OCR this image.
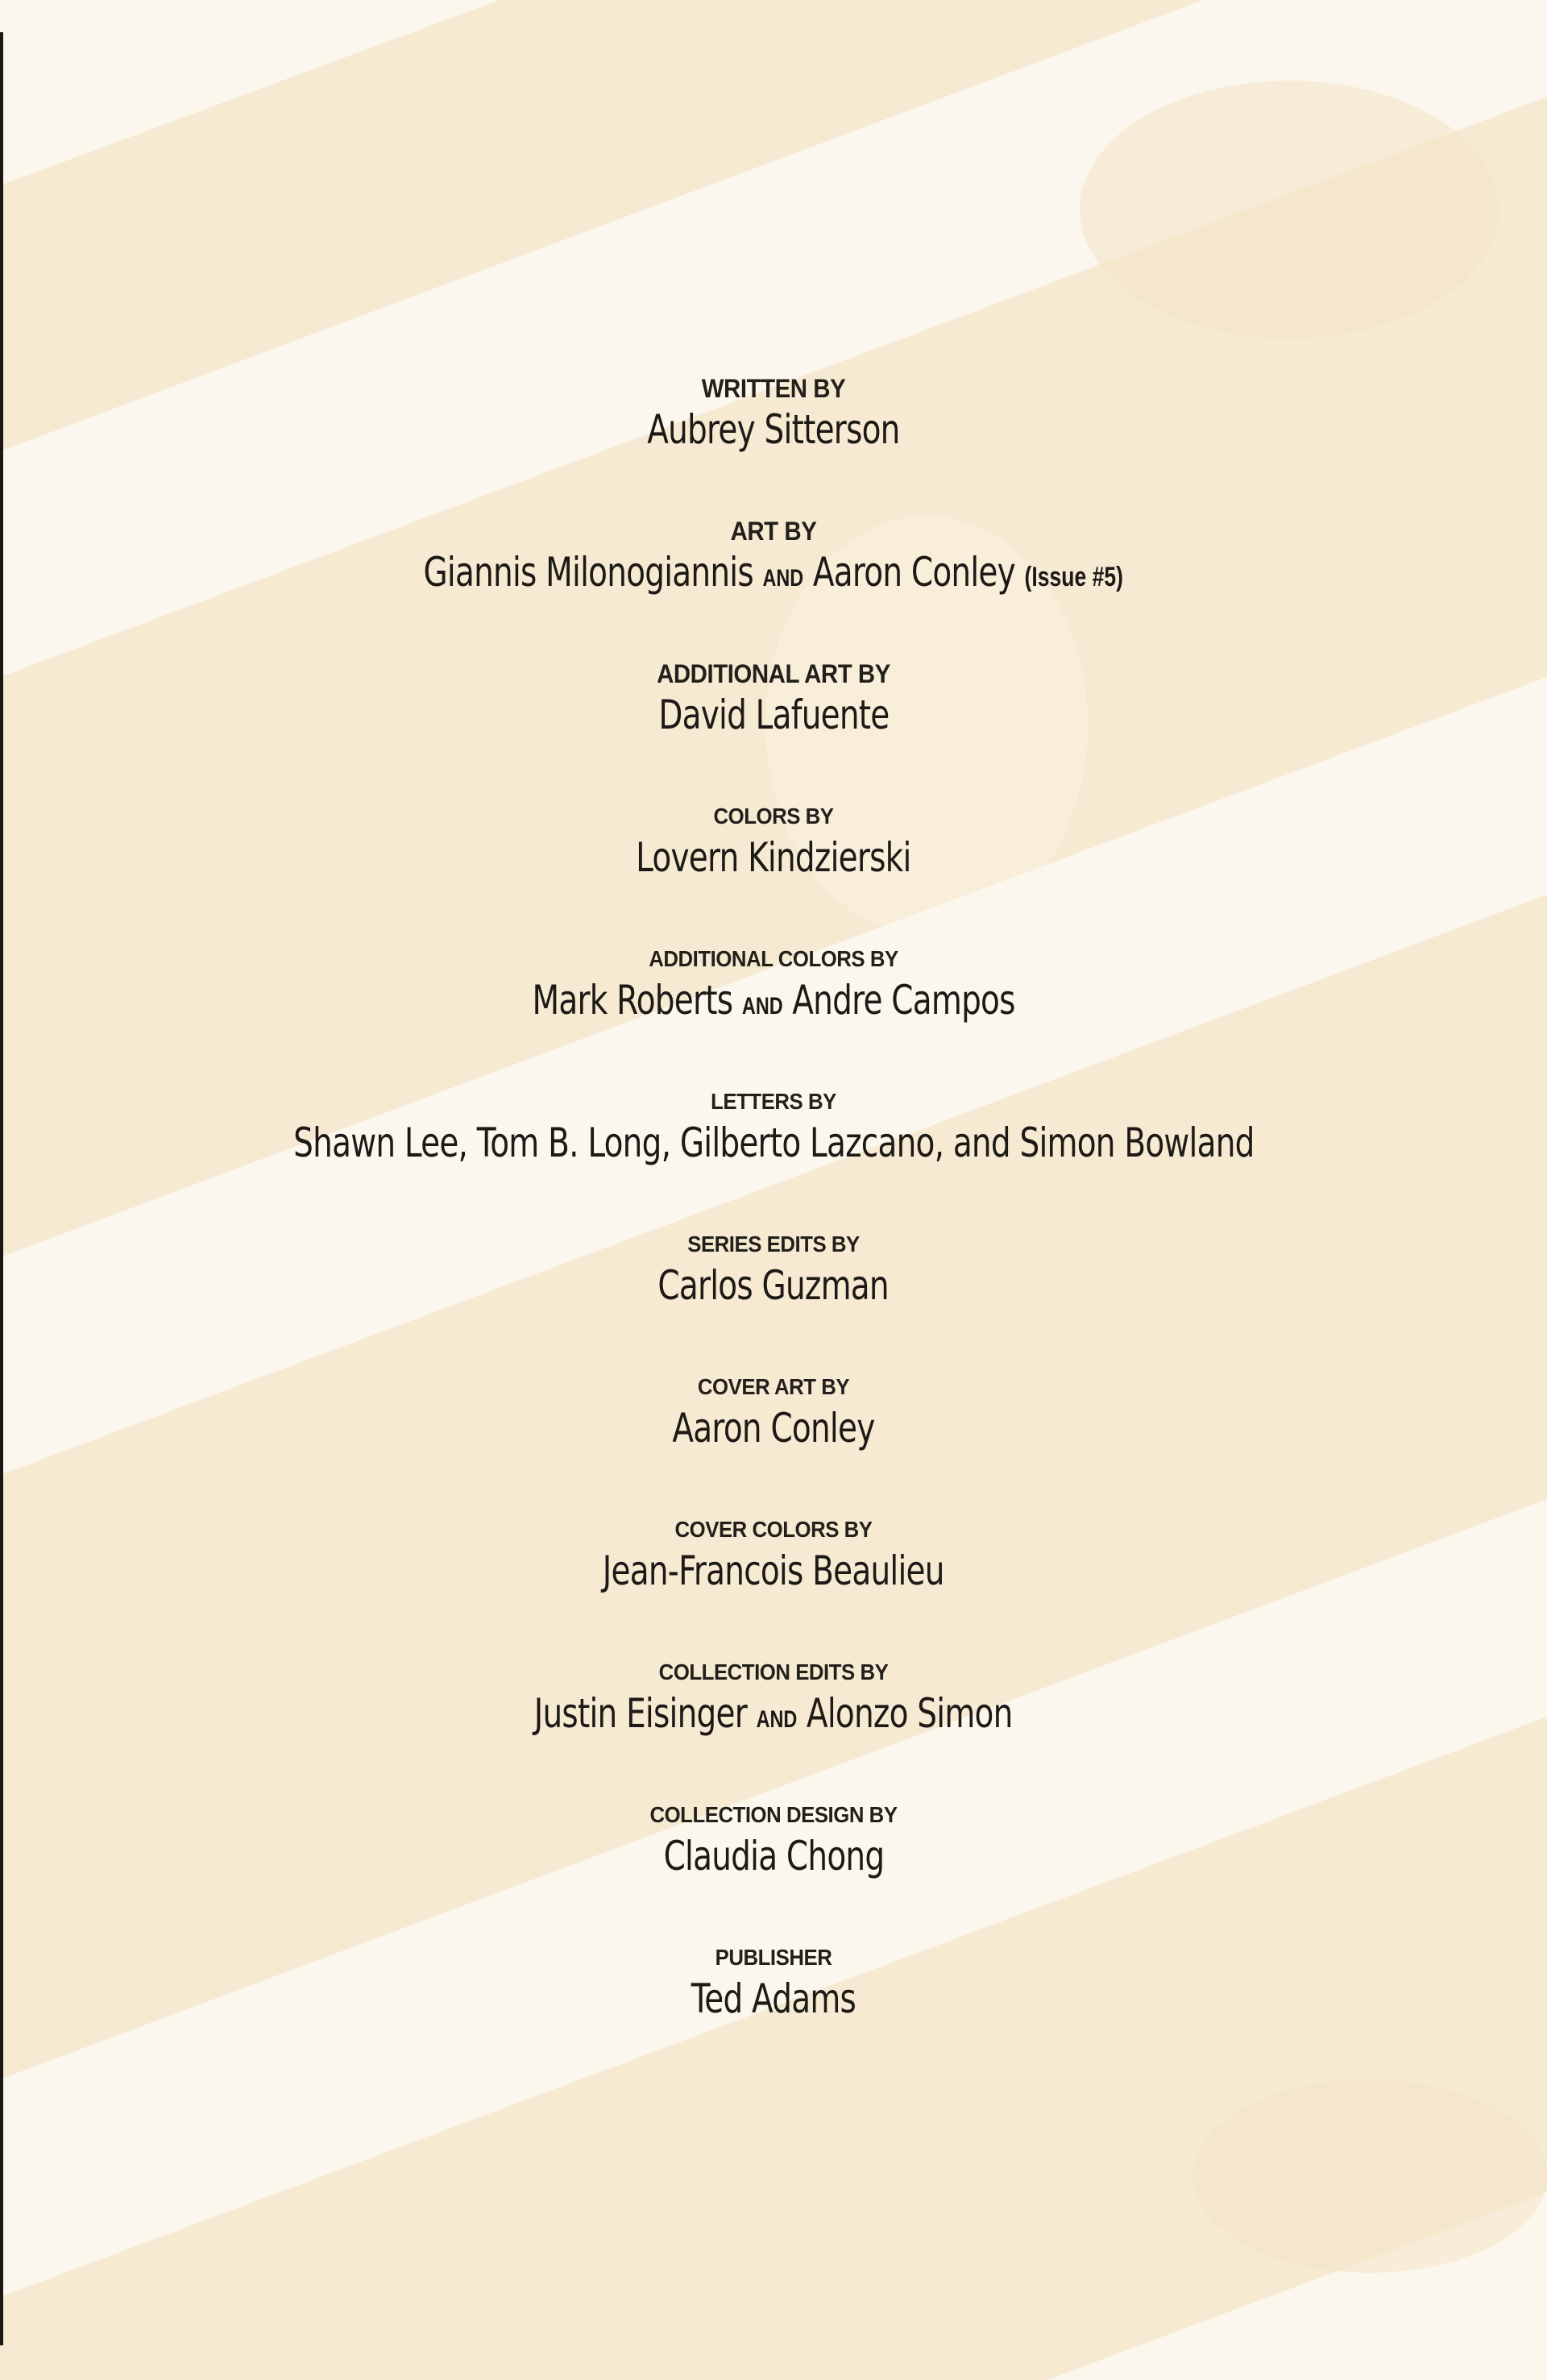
WRITTEN BY
Aubrey Sitterson
ART BY
Giannis Milonogiannis AND Aaron Conley (Issue #5)
ADDITIONAL ART BY
David Lafuente
COLORS BY
Lovern Kindzierski
ADDITIONAL COLORS BY
Mark Roberts AND Andre Campos
LETTERS BY
Shawn Lee, Tom B. Long, Gilberto Lazcano, and Simon Bowland
SERIES EDITS BY
Carlos Guzman
COVER ART BY
Aaron Conley
COVER COLORS BY
Jean-Francois Beaulieu
COLLECTION EDITS BY
Justin Eisinger AND Alonzo Simon
COLLECTION DESIGN BY
Claudia Chong
PUBLISHER
Ted Adams
